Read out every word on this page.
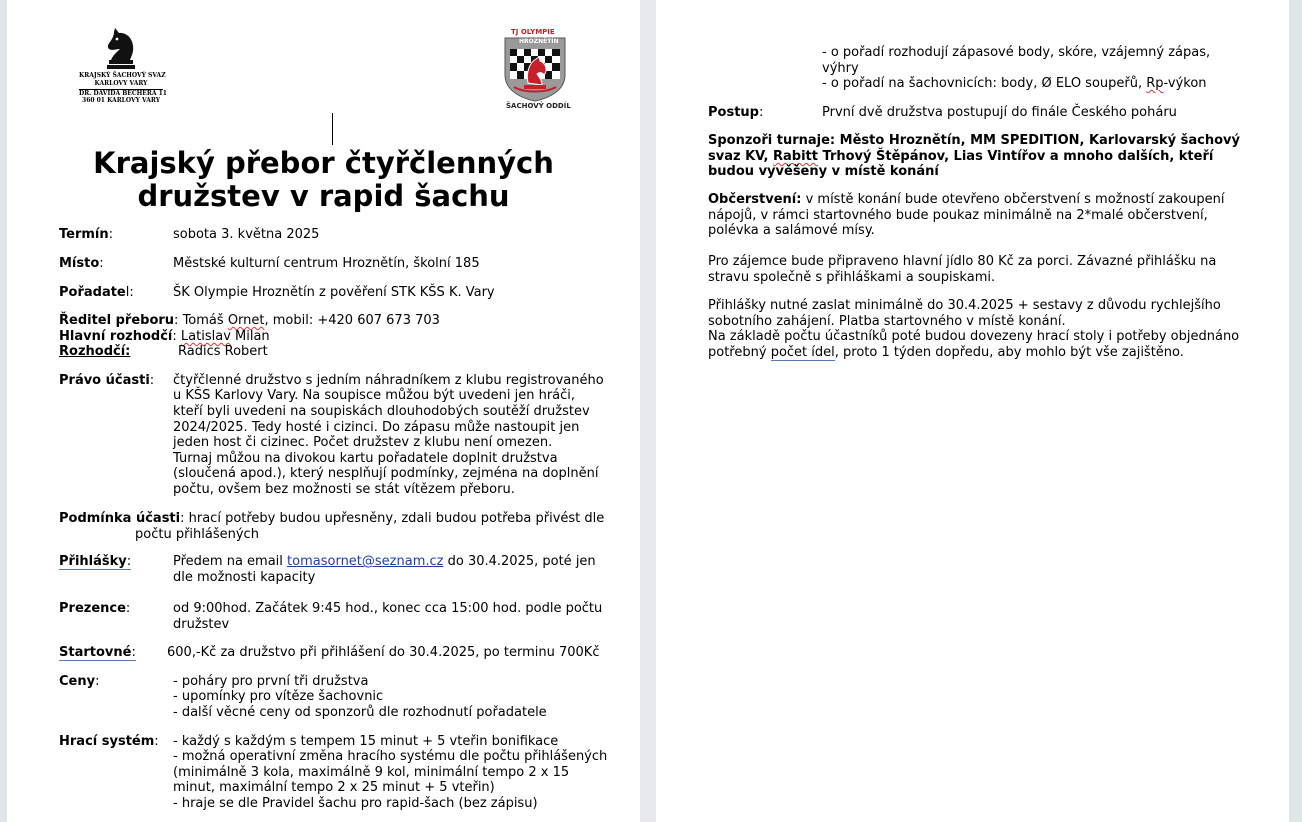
KRAJSKÝ ŠACHOVÝ SVAZ
KARLOVY VARY
DR. DAVIDA BECHERA 11
360 01 KARLOVY VARY
TJ OLYMPIE
HROZNĚTÍN
ŠACHOVÝ ODDÍL
Krajský přebor čtyřčlenných
družstev v rapid šachu
Termín:	sobota 3. května 2025
Místo:	Městské kulturní centrum Hroznětín, školní 185
Pořadatel:	ŠK Olympie Hroznětín z pověření STK KŠS K. Vary
Ředitel přeboru: Tomáš Ornet, mobil: +420 607 673 703
Hlavní rozhodčí: Latislav Milan
Rozhodčí:	Radics Robert
Právo účasti: čtyřčlenné družstvo s jedním náhradníkem z klubu registrovaného
u KŠS Karlovy Vary. Na soupisce můžou být uvedeni jen hráči,
kteří byli uvedeni na soupiskách dlouhodobých soutěží družstev
2024/2025. Tedy hosté i cizinci. Do zápasu může nastoupit jen
jeden host či cizinec. Počet družstev z klubu není omezen.
Turnaj můžou na divokou kartu pořadatele doplnit družstva
(sloučená apod.), který nesplňují podmínky, zejména na doplnění
počtu, ovšem bez možnosti se stát vítězem přeboru.
Podmínka účasti: hrací potřeby budou upřesněny, zdali budou potřeba přivést dle
počtu přihlášených
Přihlášky:	Předem na email tomasornet@seznam.cz do 30.4.2025, poté jen
dle možnosti kapacity
Prezence:	od 9:00hod. Začátek 9:45 hod., konec cca 15:00 hod. podle počtu
družstev
Startovné: 600,-Kč za družstvo při přihlášení do 30.4.2025, po terminu 700Kč
Ceny:	- poháry pro první tři družstva
- upomínky pro vítěze šachovnic
- další věcné ceny od sponzorů dle rozhodnutí pořadatele
Hrací systém: - každý s každým s tempem 15 minut + 5 vteřin bonifikace
- možná operativní změna hracího systému dle počtu přihlášených
(minimálně 3 kola, maximálně 9 kol, minimální tempo 2 x 15
minut, maximální tempo 2 x 25 minut + 5 vteřin)
- hraje se dle Pravidel šachu pro rapid-šach (bez zápisu)
- o pořadí rozhodují zápasové body, skóre, vzájemný zápas,
výhry
- o pořadí na šachovnicích: body, Ø ELO soupeřů, Rp-výkon
Postup:	První dvě družstva postupují do finále Českého poháru
Sponzoři turnaje: Město Hroznětín, MM SPEDITION, Karlovarský šachový
svaz KV, Rabitt Trhový Štěpánov, Lias Vintířov a mnoho dalších, kteří
budou vyvěšeny v místě konání
Občerstvení: v místě konání bude otevřeno občerstvení s možností zakoupení
nápojů, v rámci startovného bude poukaz minimálně na 2*malé občerstvení,
polévka a salámové mísy.
Pro zájemce bude připraveno hlavní jídlo 80 Kč za porci. Závazné přihlášku na
stravu společně s přihláškami a soupiskami.
Přihlášky nutné zaslat minimálně do 30.4.2025 + sestavy z důvodu rychlejšího
sobotního zahájení. Platba startovného v místě konání.
Na základě počtu účastníků poté budou dovezeny hrací stoly i potřeby objednáno
potřebný počet ídel, proto 1 týden dopředu, aby mohlo být vše zajištěno.
